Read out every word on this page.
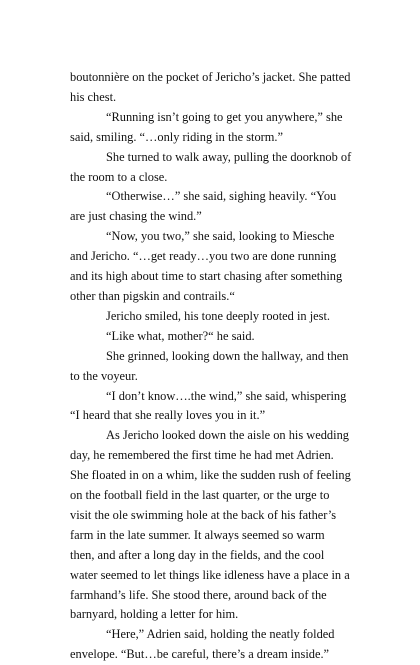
boutonnière on the pocket of Jericho’s jacket. She patted his chest.

“Running isn’t going to get you anywhere,” she said, smiling. “…only riding in the storm.”

She turned to walk away, pulling the doorknob of the room to a close.

“Otherwise…” she said, sighing heavily. “You are just chasing the wind.”

“Now, you two,” she said, looking to Miesche and Jericho. “…get ready…you two are done running and its high about time to start chasing after something other than pigskin and contrails.“

Jericho smiled, his tone deeply rooted in jest.

“Like what, mother?“ he said.

She grinned, looking down the hallway, and then to the voyeur.

“I don’t know….the wind,” she said, whispering “I heard that she really loves you in it.”

As Jericho looked down the aisle on his wedding day, he remembered the first time he had met Adrien. She floated in on a whim, like the sudden rush of feeling on the football field in the last quarter, or the urge to visit the ole swimming hole at the back of his father’s farm in the late summer. It always seemed so warm then, and after a long day in the fields, and the cool water seemed to let things like idleness have a place in a farmhand’s life. She stood there, around back of the barnyard, holding a letter for him.

“Here,” Adrien said, holding the neatly folded envelope. “But…be careful, there’s a dream inside.”
